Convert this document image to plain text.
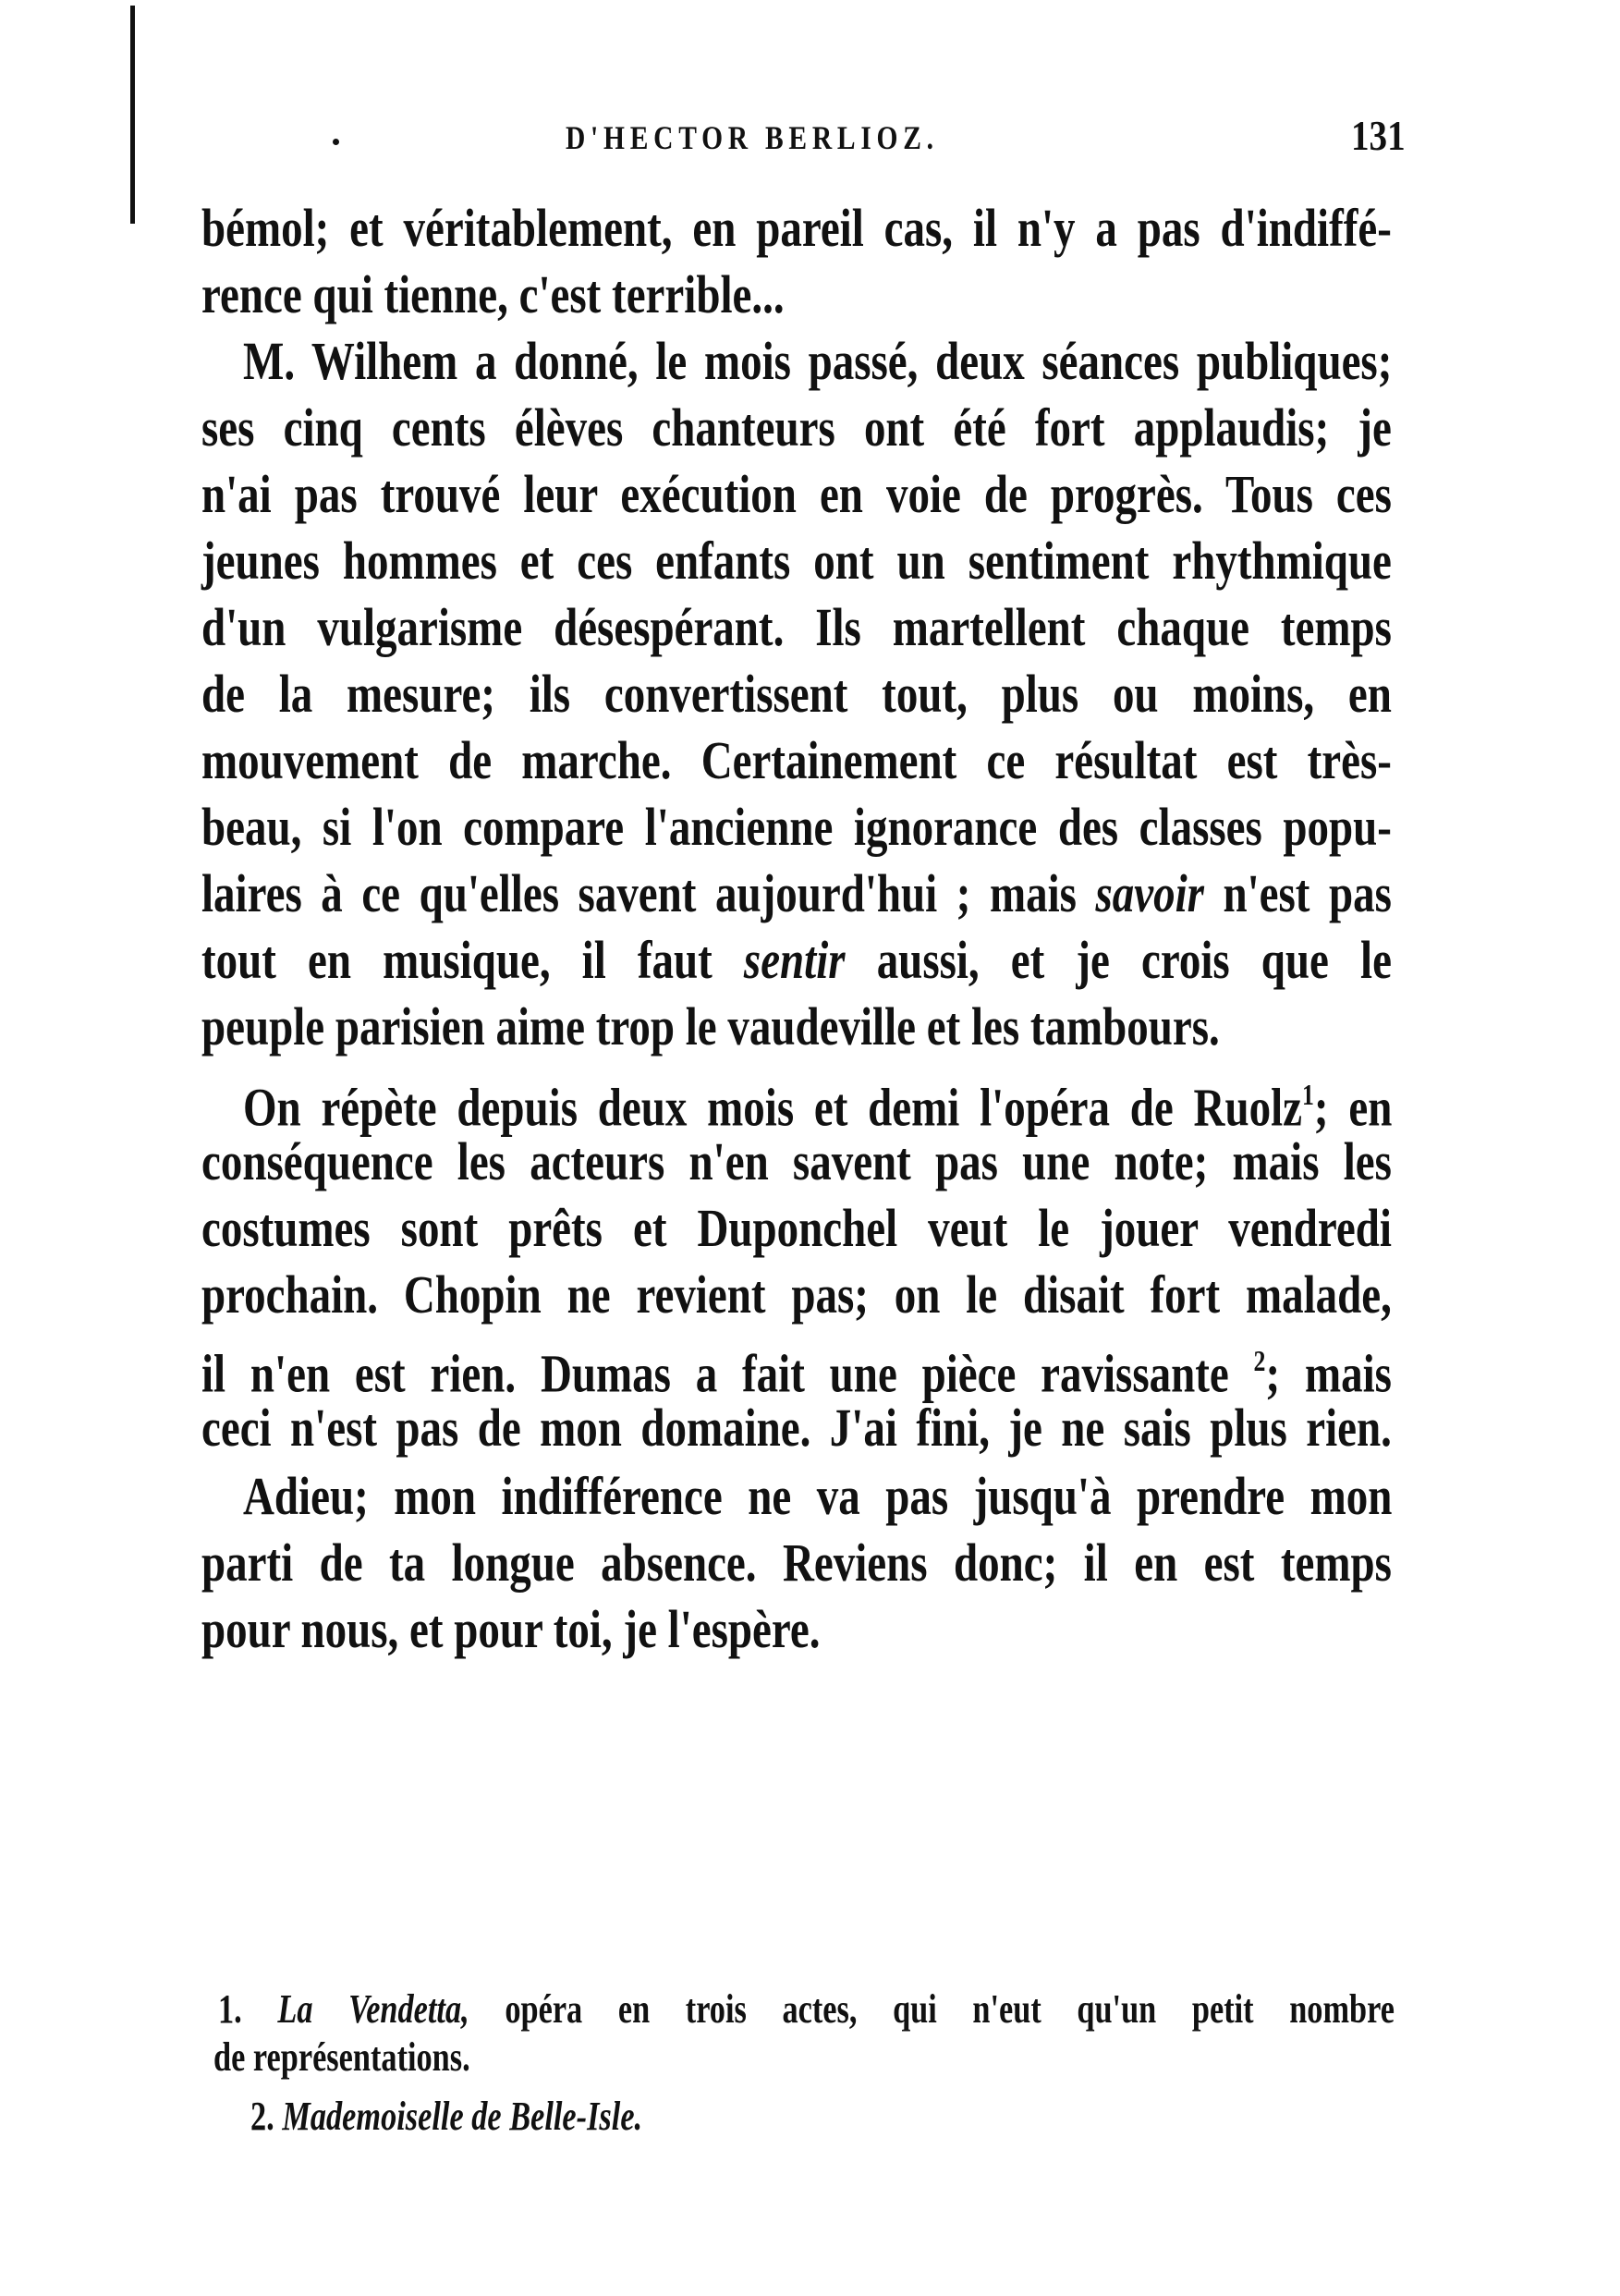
D'HECTOR BERLIOZ.	131
bémol; et véritablement, en pareil cas, il n'y a pas d'indiffé-
rence qui tienne, c'est terrible...
M. Wilhem a donné, le mois passé, deux séances publiques;
ses cinq cents élèves chanteurs ont été fort applaudis; je
n'ai pas trouvé leur exécution en voie de progrès. Tous ces
jeunes hommes et ces enfants ont un sentiment rhythmique
d'un vulgarisme désespérant. Ils martellent chaque temps
de la mesure; ils convertissent tout, plus ou moins, en
mouvement de marche. Certainement ce résultat est très-
beau, si l'on compare l'ancienne ignorance des classes popu-
laires à ce qu'elles savent aujourd'hui ; mais savoir n'est pas
tout en musique, il faut sentir aussi, et je crois que le
peuple parisien aime trop le vaudeville et les tambours.
On répète depuis deux mois et demi l'opéra de Ruolz$^1$; en
conséquence les acteurs n'en savent pas une note; mais les
costumes sont prêts et Duponchel veut le jouer vendredi
prochain. Chopin ne revient pas; on le disait fort malade,
il n'en est rien. Dumas a fait une pièce ravissante $^2$; mais
ceci n'est pas de mon domaine. J'ai fini, je ne sais plus rien.
Adieu; mon indifférence ne va pas jusqu'à prendre mon
parti de ta longue absence. Reviens donc; il en est temps
pour nous, et pour toi, je l'espère.
1. La Vendetta, opéra en trois actes, qui n'eut qu'un petit nombre
de représentations.
2. Mademoiselle de Belle-Isle.
